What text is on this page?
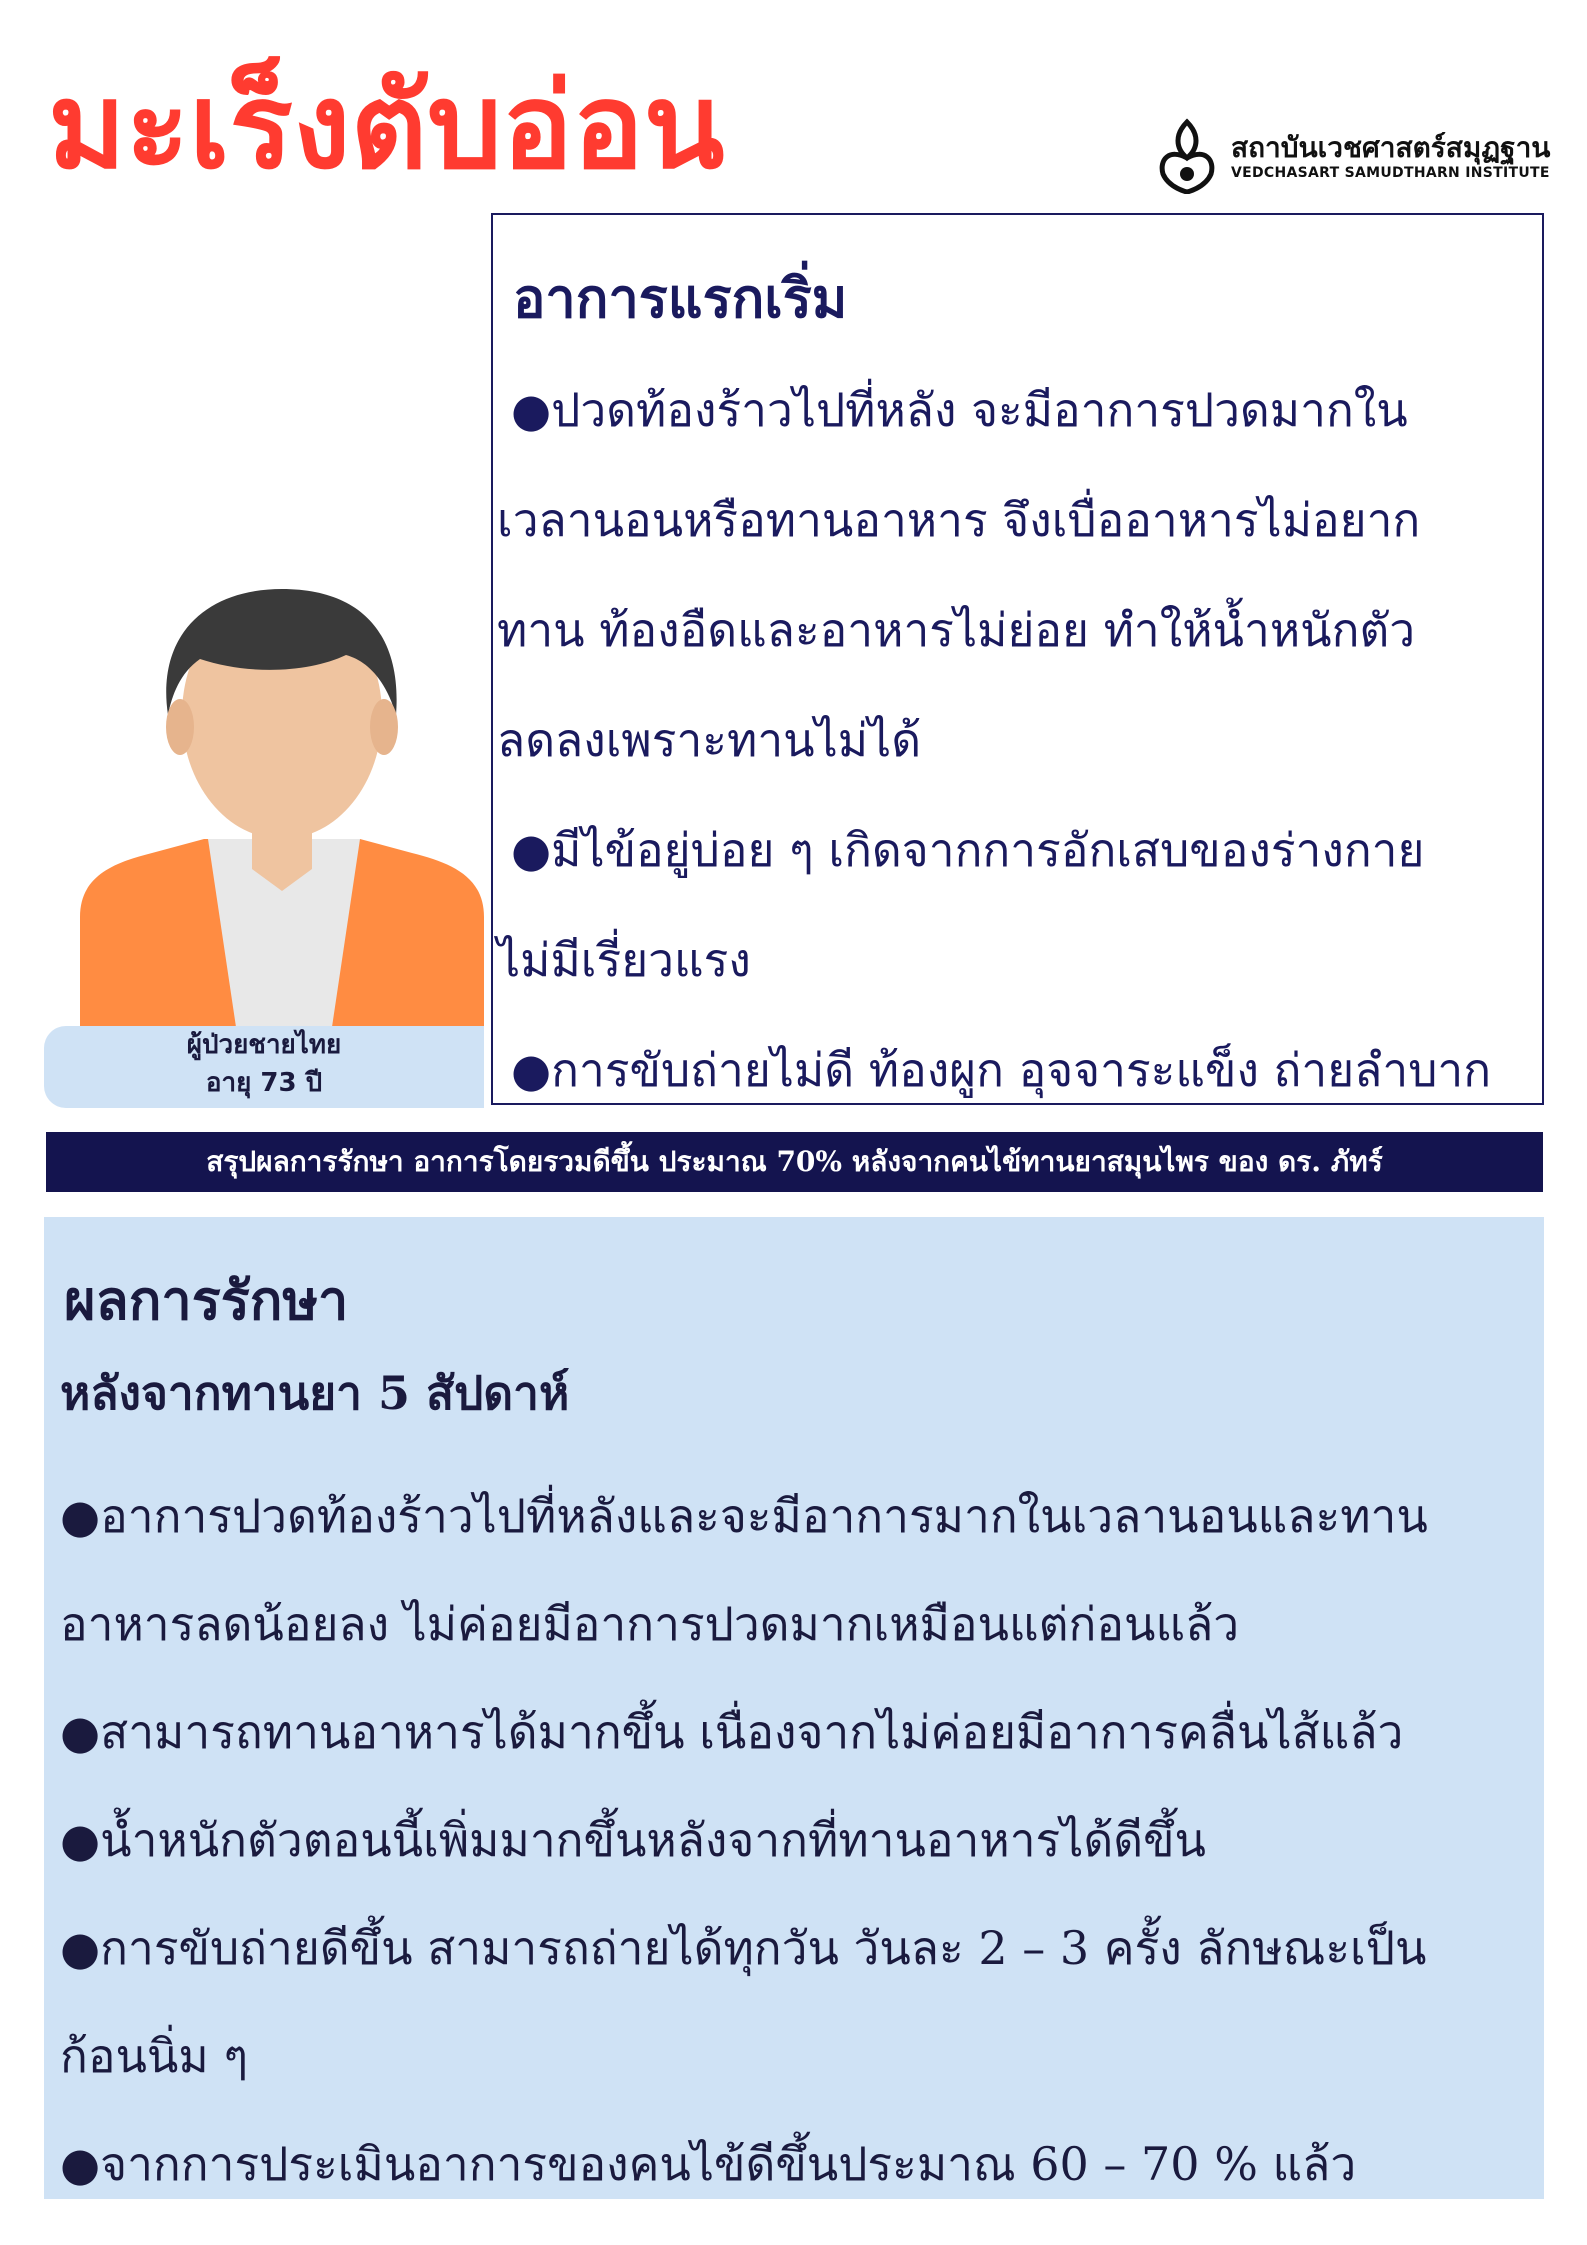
มะเร็งตับอ่อน	สถาบันเวชศาสตร์สมุฏฐาน
VEDCHASART SAMUDTHARN INSTITUTE
อาการแรกเริ่ม
●ปวดท้องร้าวไปที่หลัง จะมีอาการปวดมากใน
เวลานอนหรือทานอาหาร จึงเบื่ออาหารไม่อยาก
ทาน ท้องอืดและอาหารไม่ย่อย ทำให้น้ำหนักตัว
ลดลงเพราะทานไม่ได้
●มีไข้อยู่บ่อย ๆ เกิดจากการอักเสบของร่างกาย
ไม่มีเรี่ยวแรง
●การขับถ่ายไม่ดี ท้องผูก อุจจาระแข็ง ถ่ายลำบาก
ผู้ป่วยชายไทย
อายุ 73 ปี
สรุปผลการรักษา อาการโดยรวมดีขึ้น ประมาณ 70% หลังจากคนไข้ทานยาสมุนไพร ของ ดร. ภัทร์
ผลการรักษา
หลังจากทานยา 5 สัปดาห์
●อาการปวดท้องร้าวไปที่หลังและจะมีอาการมากในเวลานอนและทาน
อาหารลดน้อยลง ไม่ค่อยมีอาการปวดมากเหมือนแต่ก่อนแล้ว
●สามารถทานอาหารได้มากขึ้น เนื่องจากไม่ค่อยมีอาการคลื่นไส้แล้ว
●น้ำหนักตัวตอนนี้เพิ่มมากขึ้นหลังจากที่ทานอาหารได้ดีขึ้น
●การขับถ่ายดีขึ้น สามารถถ่ายได้ทุกวัน วันละ 2 – 3 ครั้ง ลักษณะเป็น
ก้อนนิ่ม ๆ
●จากการประเมินอาการของคนไข้ดีขึ้นประมาณ 60 – 70 % แล้ว
